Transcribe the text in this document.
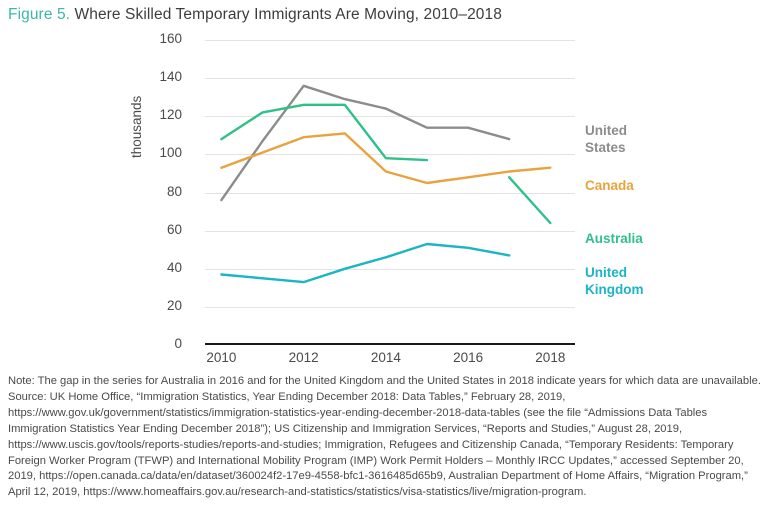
Figure 5. Where Skilled Temporary Immigrants Are Moving, 2010–2018
thousands
0
20
40
60
80
100
120
140
160
2010	2012	2014	2016	2018
United
States
Canada
Australia
United
Kingdom

Note: The gap in the series for Australia in 2016 and for the United Kingdom and the United States in 2018 indicate years for which data are unavailable. Source: UK Home Office, “Immigration Statistics, Year Ending December 2018: Data Tables,” February 28, 2019, https://www.gov.uk/government/statistics/immigration-statistics-year-ending-december-2018-data-tables (see the file “Admissions Data Tables Immigration Statistics Year Ending December 2018”); US Citizenship and Immigration Services, “Reports and Studies,” August 28, 2019, https://www.uscis.gov/tools/reports-studies/reports-and-studies; Immigration, Refugees and Citizenship Canada, “Temporary Residents: Temporary Foreign Worker Program (TFWP) and International Mobility Program (IMP) Work Permit Holders – Monthly IRCC Updates,” accessed September 20, 2019, https://open.canada.ca/data/en/dataset/360024f2-17e9-4558-bfc1-3616485d65b9, Australian Department of Home Affairs, “Migration Program,” April 12, 2019, https://www.homeaffairs.gov.au/research-and-statistics/statistics/visa-statistics/live/migration-program.
